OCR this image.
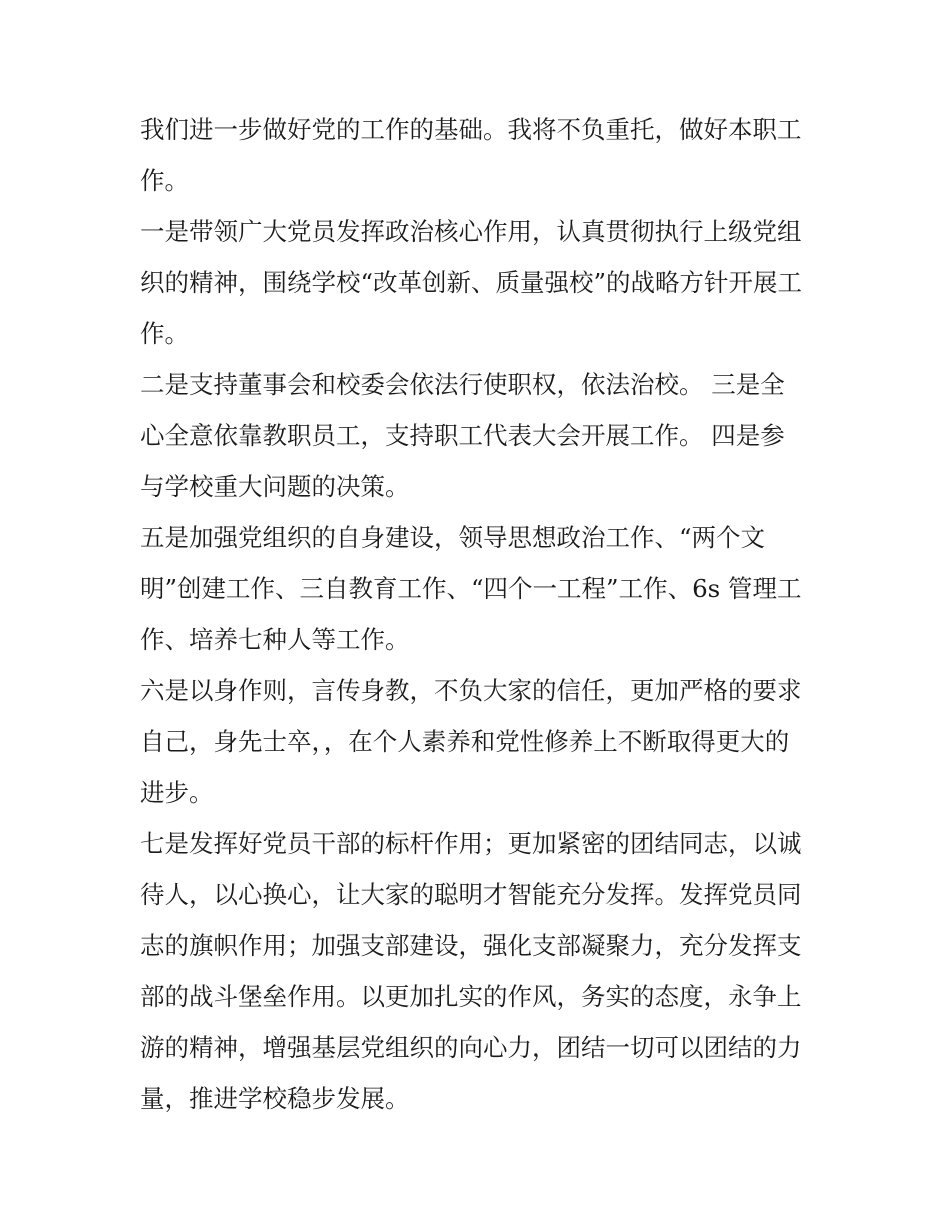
我们进一步做好党的工作的基础。我将不负重托，做好本职工
作。
一是带领广大党员发挥政治核心作用，认真贯彻执行上级党组
织的精神，围绕学校“改革创新、质量强校”的战略方针开展工
作。
二是支持董事会和校委会依法行使职权，依法治校。 三是全
心全意依靠教职员工，支持职工代表大会开展工作。 四是参
与学校重大问题的决策。
五是加强党组织的自身建设，领导思想政治工作、“两个文
明”创建工作、三自教育工作、“四个一工程”工作、6s 管理工
作、培养七种人等工作。
六是以身作则，言传身教，不负大家的信任，更加严格的要求
自己，身先士卒，，在个人素养和党性修养上不断取得更大的
进步。
七是发挥好党员干部的标杆作用；更加紧密的团结同志，以诚
待人，以心换心，让大家的聪明才智能充分发挥。发挥党员同
志的旗帜作用；加强支部建设，强化支部凝聚力，充分发挥支
部的战斗堡垒作用。以更加扎实的作风，务实的态度，永争上
游的精神，增强基层党组织的向心力，团结一切可以团结的力
量，推进学校稳步发展。
